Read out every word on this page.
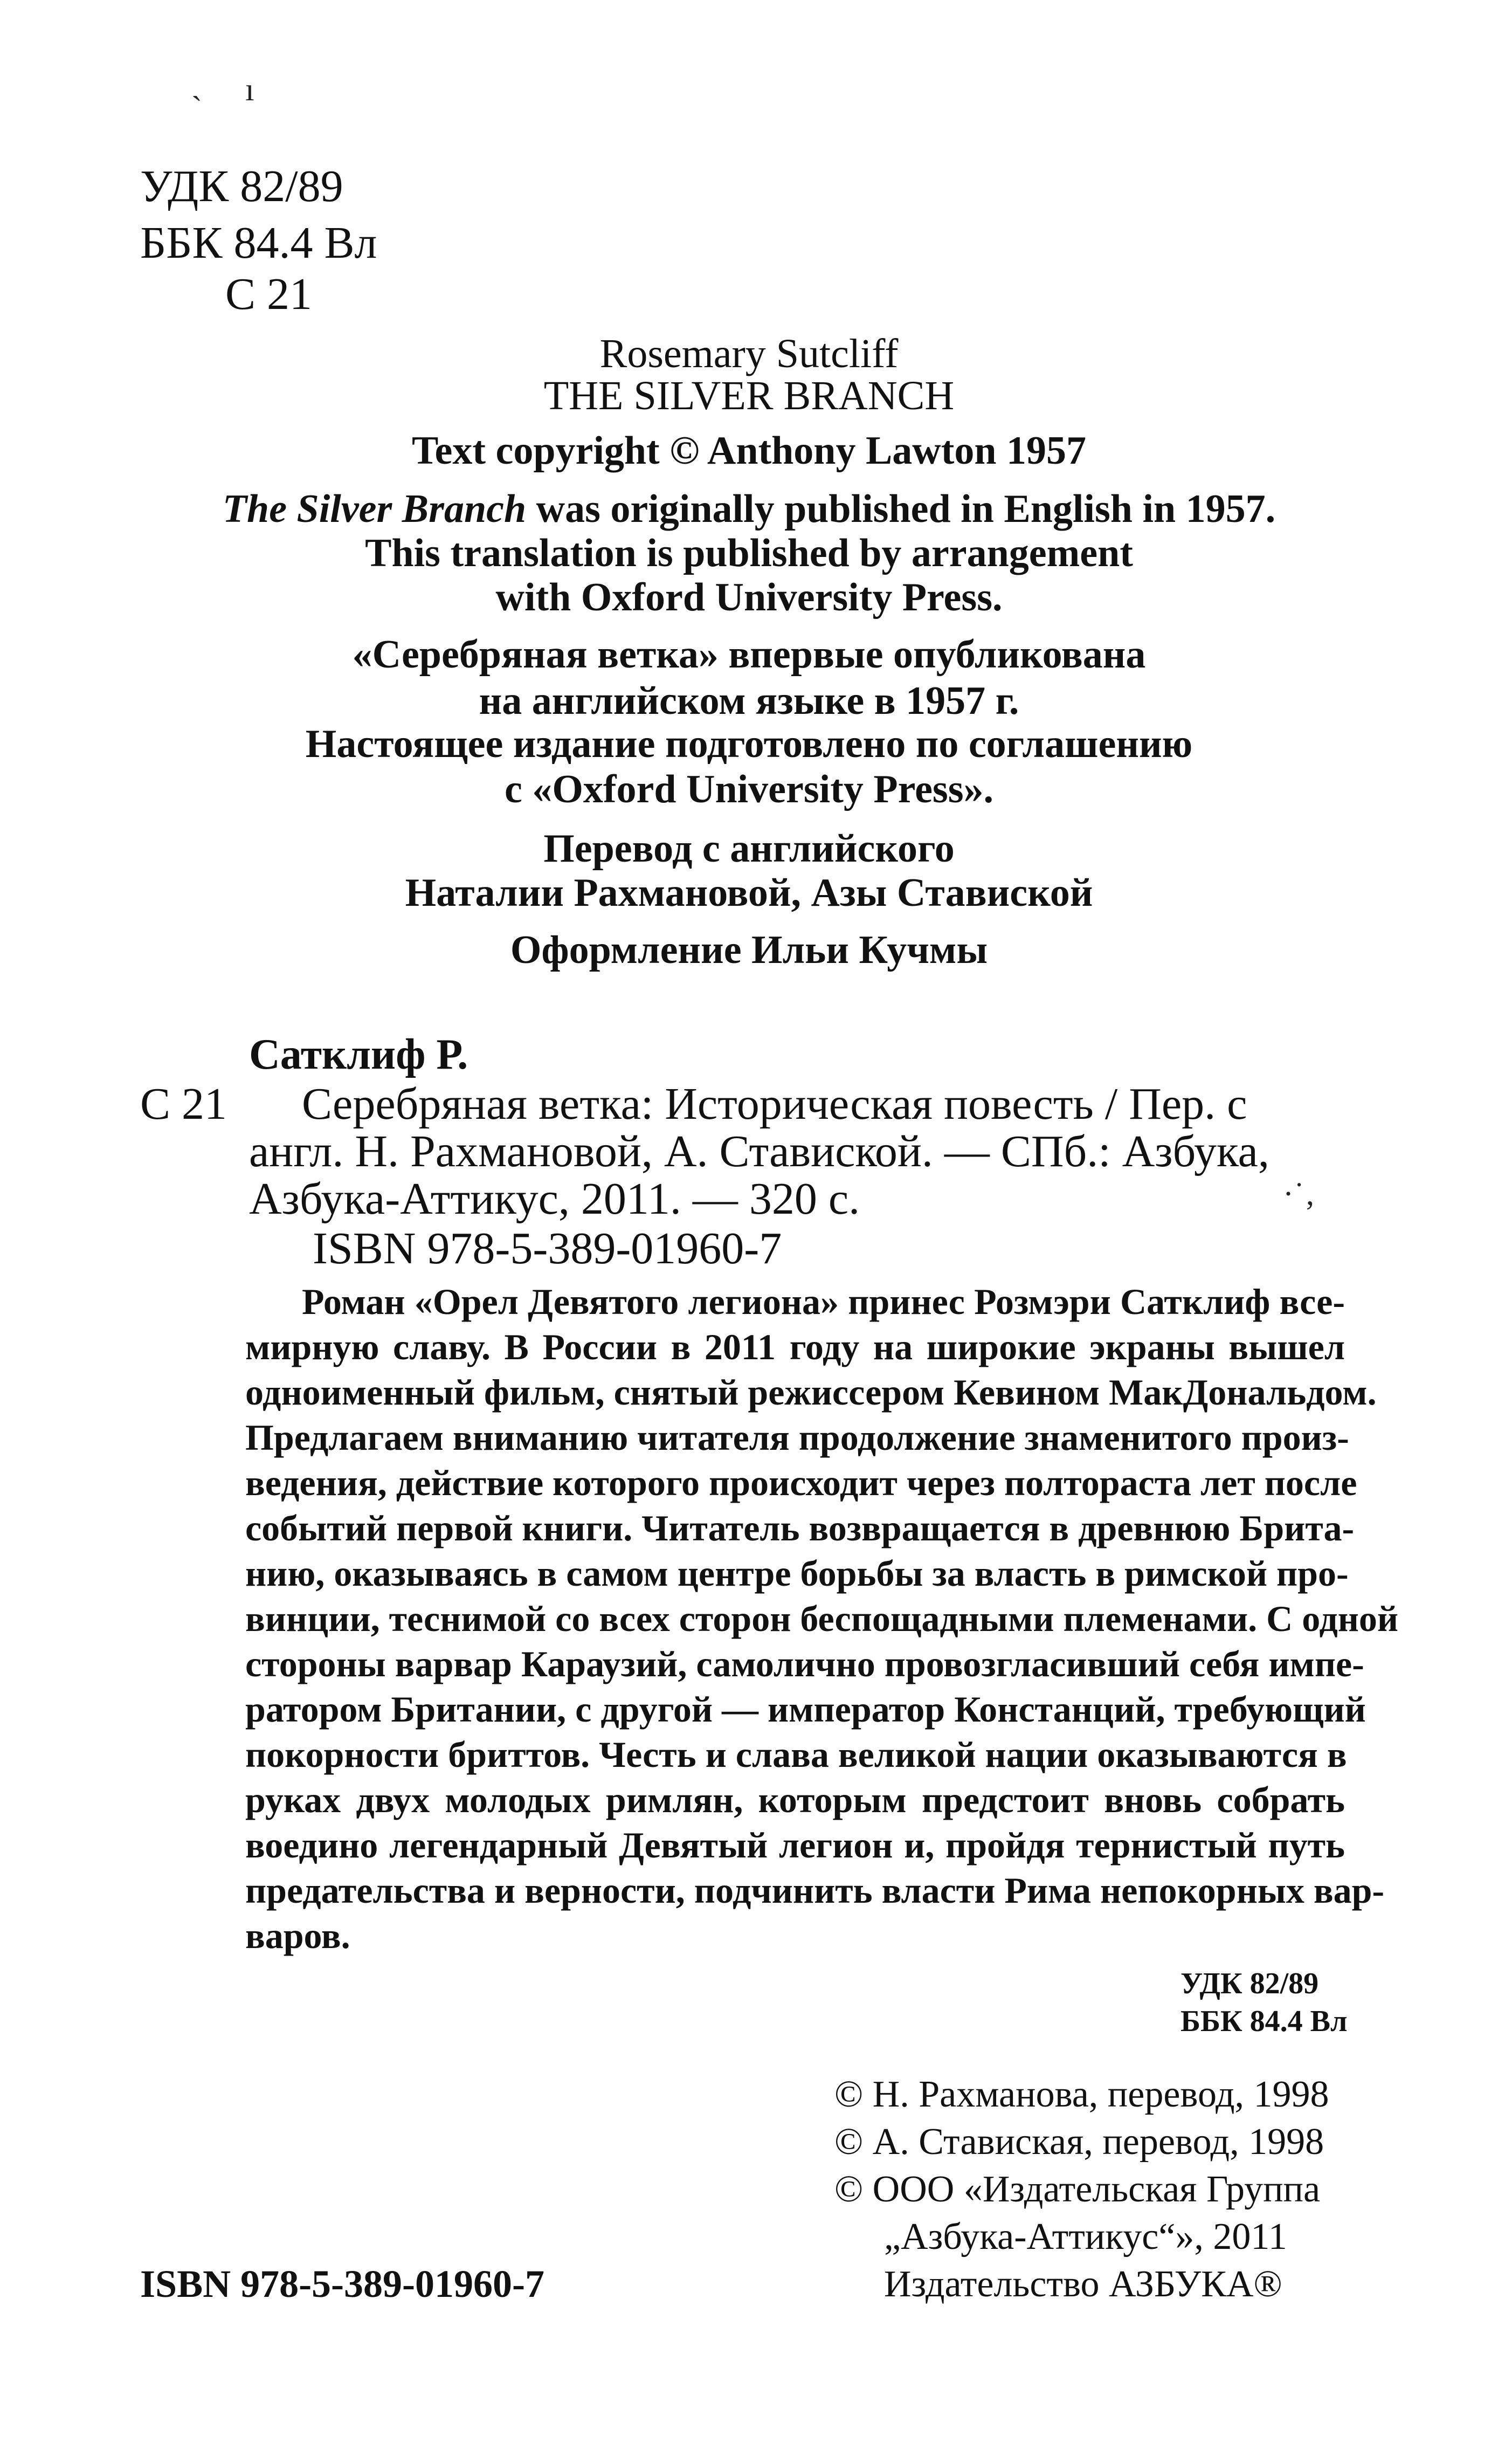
ˏ ı
УДК 82/89
ББК 84.4 Вл
С 21
Rosemary Sutcliff
THE SILVER BRANCH
Text copyright © Anthony Lawton 1957
The Silver Branch was originally published in English in 1957.
This translation is published by arrangement
with Oxford University Press.
«Серебряная ветка» впервые опубликована
на английском языке в 1957 г.
Настоящее издание подготовлено по соглашению
с «Oxford University Press».
Перевод с английского
Наталии Рахмановой, Азы Ставиской
Оформление Ильи Кучмы
Сатклиф Р.
С 21 Серебряная ветка: Историческая повесть / Пер. с
англ. Н. Рахмановой, А. Ставиской. — СПб.: Азбука,
Азбука-Аттикус, 2011. — 320 с.	·˙‚
ISBN 978-5-389-01960-7
Роман «Орел Девятого легиона» принес Розмэри Сатклиф все-
мирную славу. В России в 2011 году на широкие экраны вышел
одноименный фильм, снятый режиссером Кевином МакДональдом.
Предлагаем вниманию читателя продолжение знаменитого произ-
ведения, действие которого происходит через полтораста лет после
событий первой книги. Читатель возвращается в древнюю Брита-
нию, оказываясь в самом центре борьбы за власть в римской про-
винции, теснимой со всех сторон беспощадными племенами. С одной
стороны варвар Караузий, самолично провозгласивший себя импе-
ратором Британии, с другой — император Констанций, требующий
покорности бриттов. Честь и слава великой нации оказываются в
руках двух молодых римлян, которым предстоит вновь собрать
воедино легендарный Девятый легион и, пройдя тернистый путь
предательства и верности, подчинить власти Рима непокорных вар-
варов.
УДК 82/89
ББК 84.4 Вл
© Н. Рахманова, перевод, 1998
© А. Ставиская, перевод, 1998
© ООО «Издательская Группа
„Азбука-Аттикус“», 2011
Издательство АЗБУКА®
ISBN 978-5-389-01960-7
